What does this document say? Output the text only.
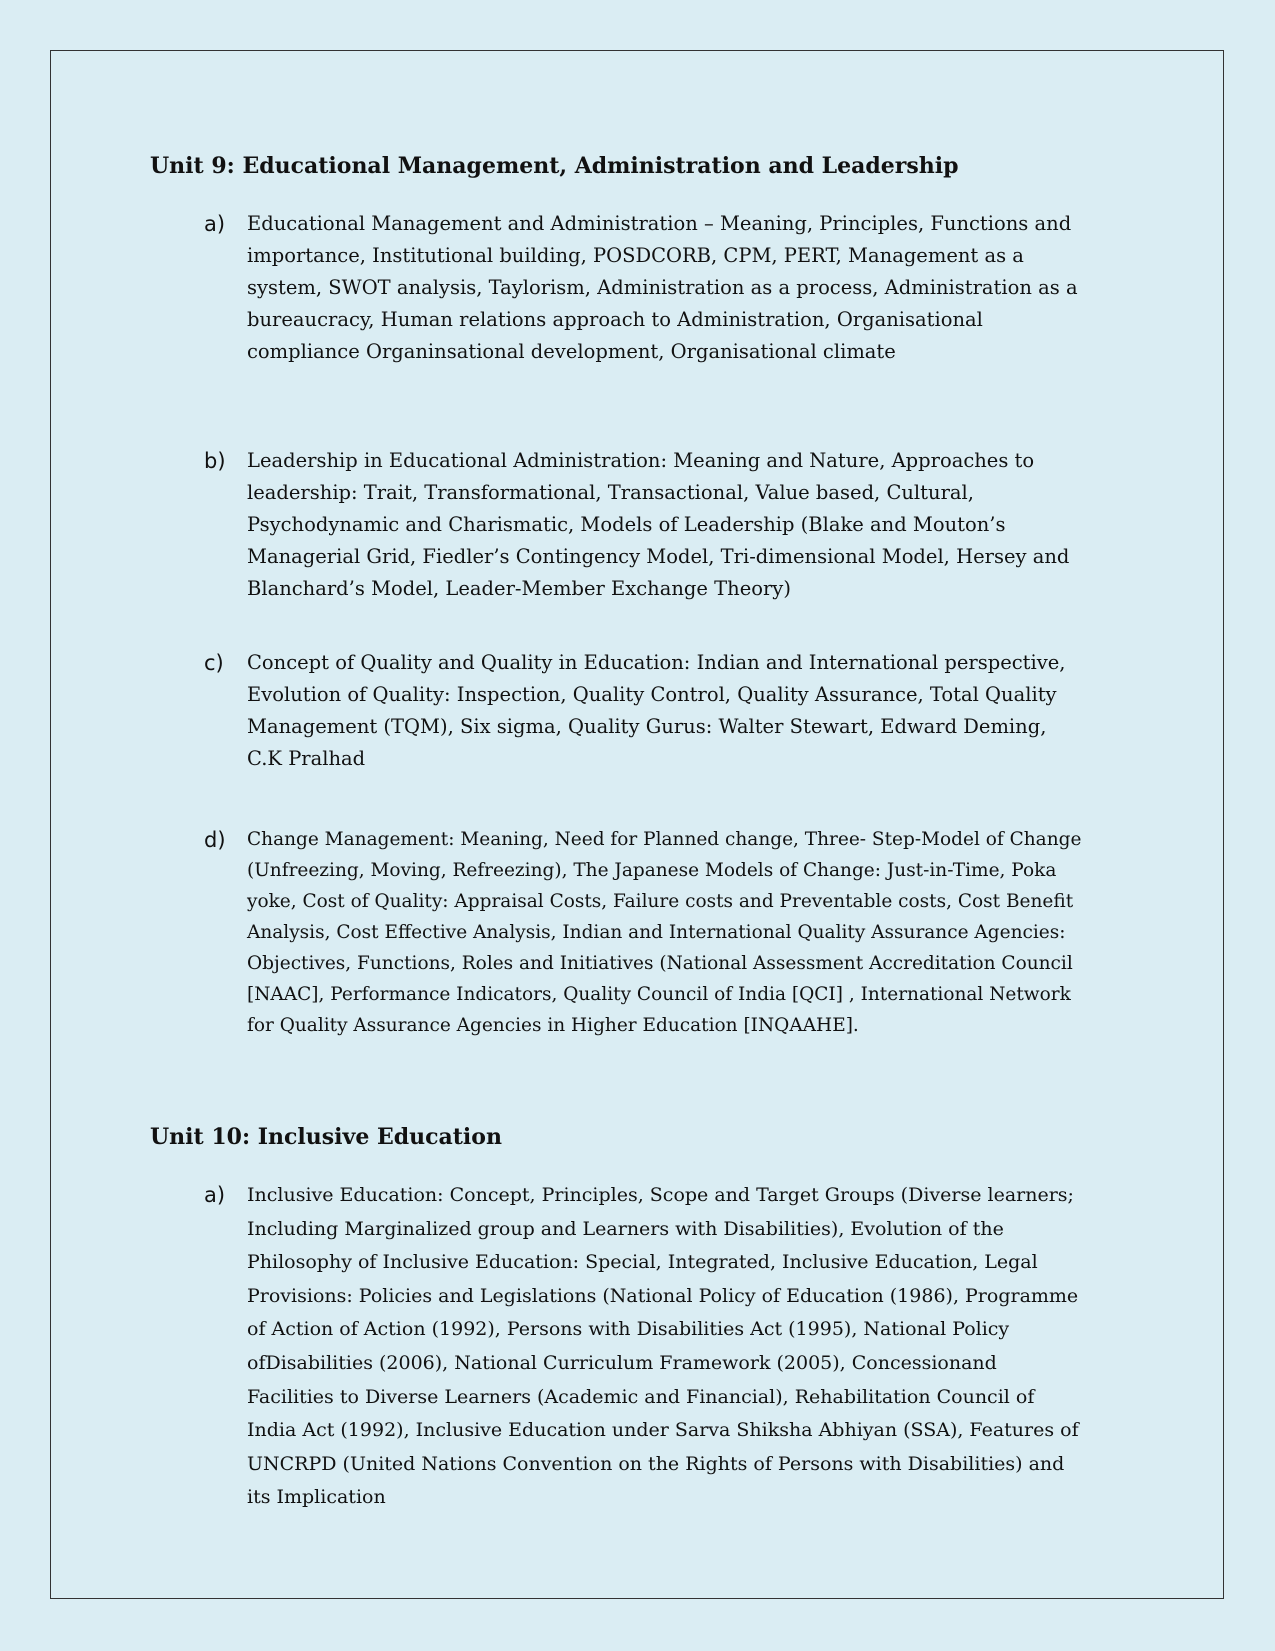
Unit 9: Educational Management, Administration and Leadership
a) Educational Management and Administration – Meaning, Principles, Functions and importance, Institutional building, POSDCORB, CPM, PERT, Management as a system, SWOT analysis, Taylorism, Administration as a process, Administration as a bureaucracy, Human relations approach to Administration, Organisational compliance Organinsational development, Organisational climate
b) Leadership in Educational Administration: Meaning and Nature, Approaches to leadership: Trait, Transformational, Transactional, Value based, Cultural, Psychodynamic and Charismatic, Models of Leadership (Blake and Mouton’s Managerial Grid, Fiedler’s Contingency Model, Tri-dimensional Model, Hersey and Blanchard’s Model, Leader-Member Exchange Theory)
c) Concept of Quality and Quality in Education: Indian and International perspective, Evolution of Quality: Inspection, Quality Control, Quality Assurance, Total Quality Management (TQM), Six sigma, Quality Gurus: Walter Stewart, Edward Deming, C.K Pralhad
d) Change Management: Meaning, Need for Planned change, Three- Step-Model of Change (Unfreezing, Moving, Refreezing), The Japanese Models of Change: Just-in-Time, Poka yoke, Cost of Quality: Appraisal Costs, Failure costs and Preventable costs, Cost Benefit Analysis, Cost Effective Analysis, Indian and International Quality Assurance Agencies: Objectives, Functions, Roles and Initiatives (National Assessment Accreditation Council [NAAC], Performance Indicators, Quality Council of India [QCI] , International Network for Quality Assurance Agencies in Higher Education [INQAAHE].
Unit 10: Inclusive Education
a) Inclusive Education: Concept, Principles, Scope and Target Groups (Diverse learners; Including Marginalized group and Learners with Disabilities), Evolution of the Philosophy of Inclusive Education: Special, Integrated, Inclusive Education, Legal Provisions: Policies and Legislations (National Policy of Education (1986), Programme of Action of Action (1992), Persons with Disabilities Act (1995), National Policy ofDisabilities (2006), National Curriculum Framework (2005), Concessionand Facilities to Diverse Learners (Academic and Financial), Rehabilitation Council of India Act (1992), Inclusive Education under Sarva Shiksha Abhiyan (SSA), Features of UNCRPD (United Nations Convention on the Rights of Persons with Disabilities) and its Implication
